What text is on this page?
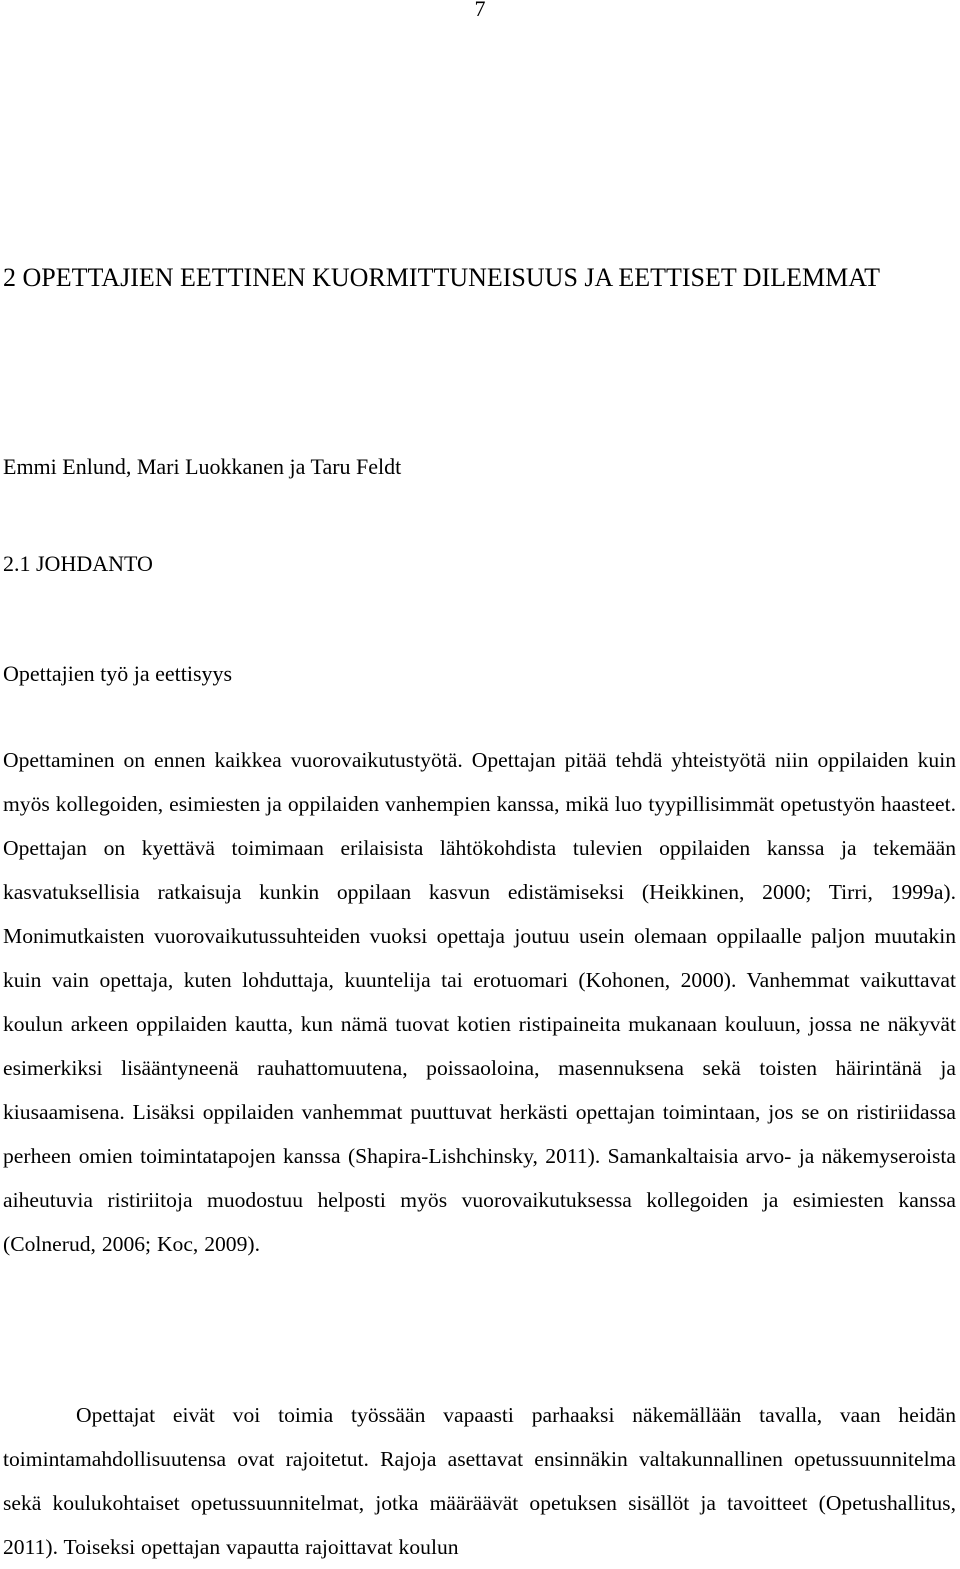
7
2 OPETTAJIEN EETTINEN KUORMITTUNEISUUS JA EETTISET DILEMMAT

Emmi Enlund, Mari Luokkanen ja Taru Feldt

2.1 JOHDANTO
Opettajien työ ja eettisyys

Opettaminen on ennen kaikkea vuorovaikutustyötä. Opettajan pitää tehdä yhteistyötä niin oppilaiden kuin myös kollegoiden, esimiesten ja oppilaiden vanhempien kanssa, mikä luo tyypillisimmät opetustyön haasteet. Opettajan on kyettävä toimimaan erilaisista lähtökohdista tulevien oppilaiden kanssa ja tekemään kasvatuksellisia ratkaisuja kunkin oppilaan kasvun edistämiseksi (Heikkinen, 2000; Tirri, 1999a). Monimutkaisten vuorovaikutussuhteiden vuoksi opettaja joutuu usein olemaan oppilaalle paljon muutakin kuin vain opettaja, kuten lohduttaja, kuuntelija tai erotuomari (Kohonen, 2000). Vanhemmat vaikuttavat koulun arkeen oppilaiden kautta, kun nämä tuovat kotien ristipaineita mukanaan kouluun, jossa ne näkyvät esimerkiksi lisääntyneenä rauhattomuutena, poissaoloina, masennuksena sekä toisten häirintänä ja kiusaamisena. Lisäksi oppilaiden vanhemmat puuttuvat herkästi opettajan toimintaan, jos se on ristiriidassa perheen omien toimintatapojen kanssa (Shapira-Lishchinsky, 2011). Samankaltaisia arvo- ja näkemyseroista aiheutuvia ristiriitoja muodostuu helposti myös vuorovaikutuksessa kollegoiden ja esimiesten kanssa (Colnerud, 2006; Koc, 2009).

Opettajat eivät voi toimia työssään vapaasti parhaaksi näkemällään tavalla, vaan heidän toimintamahdollisuutensa ovat rajoitetut. Rajoja asettavat ensinnäkin valtakunnallinen opetussuunnitelma sekä koulukohtaiset opetussuunnitelmat, jotka määräävät opetuksen sisällöt ja tavoitteet (Opetushallitus, 2011). Toiseksi opettajan vapautta rajoittavat koulun
